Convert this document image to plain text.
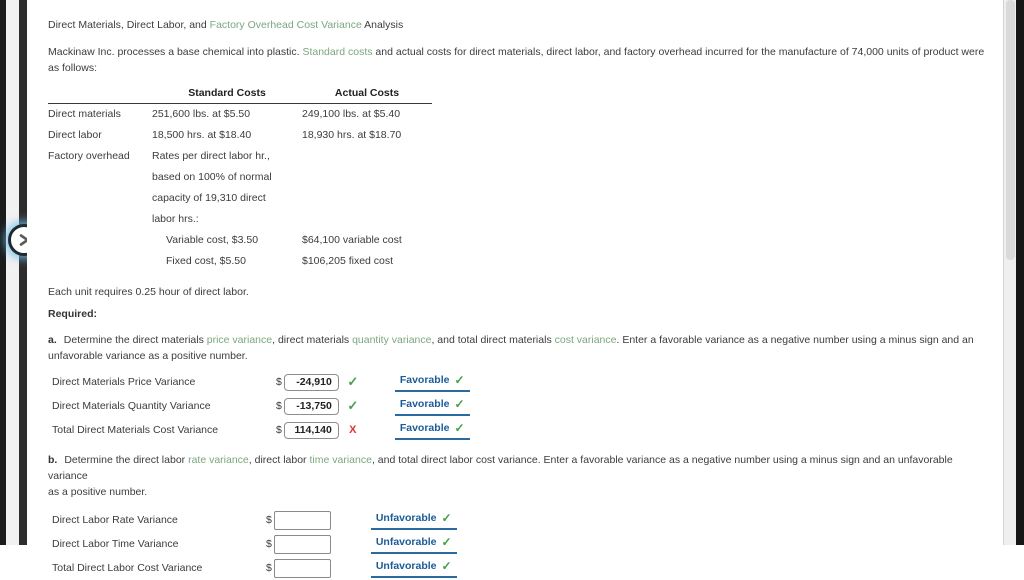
Direct Materials, Direct Labor, and Factory Overhead Cost Variance Analysis

Mackinaw Inc. processes a base chemical into plastic. Standard costs and actual costs for direct materials, direct labor, and factory overhead incurred for the manufacture of 74,000 units of product were
as follows:

	Standard Costs	Actual Costs
Direct materials	251,600 lbs. at $5.50	249,100 lbs. at $5.40
Direct labor	18,500 hrs. at $18.40	18,930 hrs. at $18.70
Factory overhead	Rates per direct labor hr., based on 100% of normal capacity of 19,310 direct labor hrs.:	
	Variable cost, $3.50	$64,100 variable cost
	Fixed cost, $5.50	$106,205 fixed cost

Each unit requires 0.25 hour of direct labor.

Required:

a. Determine the direct materials price variance, direct materials quantity variance, and total direct materials cost variance. Enter a favorable variance as a negative number using a minus sign and an
unfavorable variance as a positive number.

Direct Materials Price Variance	$
-24,910	✓	Favorable ✓
Direct Materials Quantity Variance	$
-13,750	✓	Favorable ✓
Total Direct Materials Cost Variance	$
114,140	X	Favorable ✓

b. Determine the direct labor rate variance, direct labor time variance, and total direct labor cost variance. Enter a favorable variance as a negative number using a minus sign and an unfavorable variance
as a positive number.

Direct Labor Rate Variance	$	Unfavorable ✓
Direct Labor Time Variance	$	Unfavorable ✓
Total Direct Labor Cost Variance	$	Unfavorable ✓
